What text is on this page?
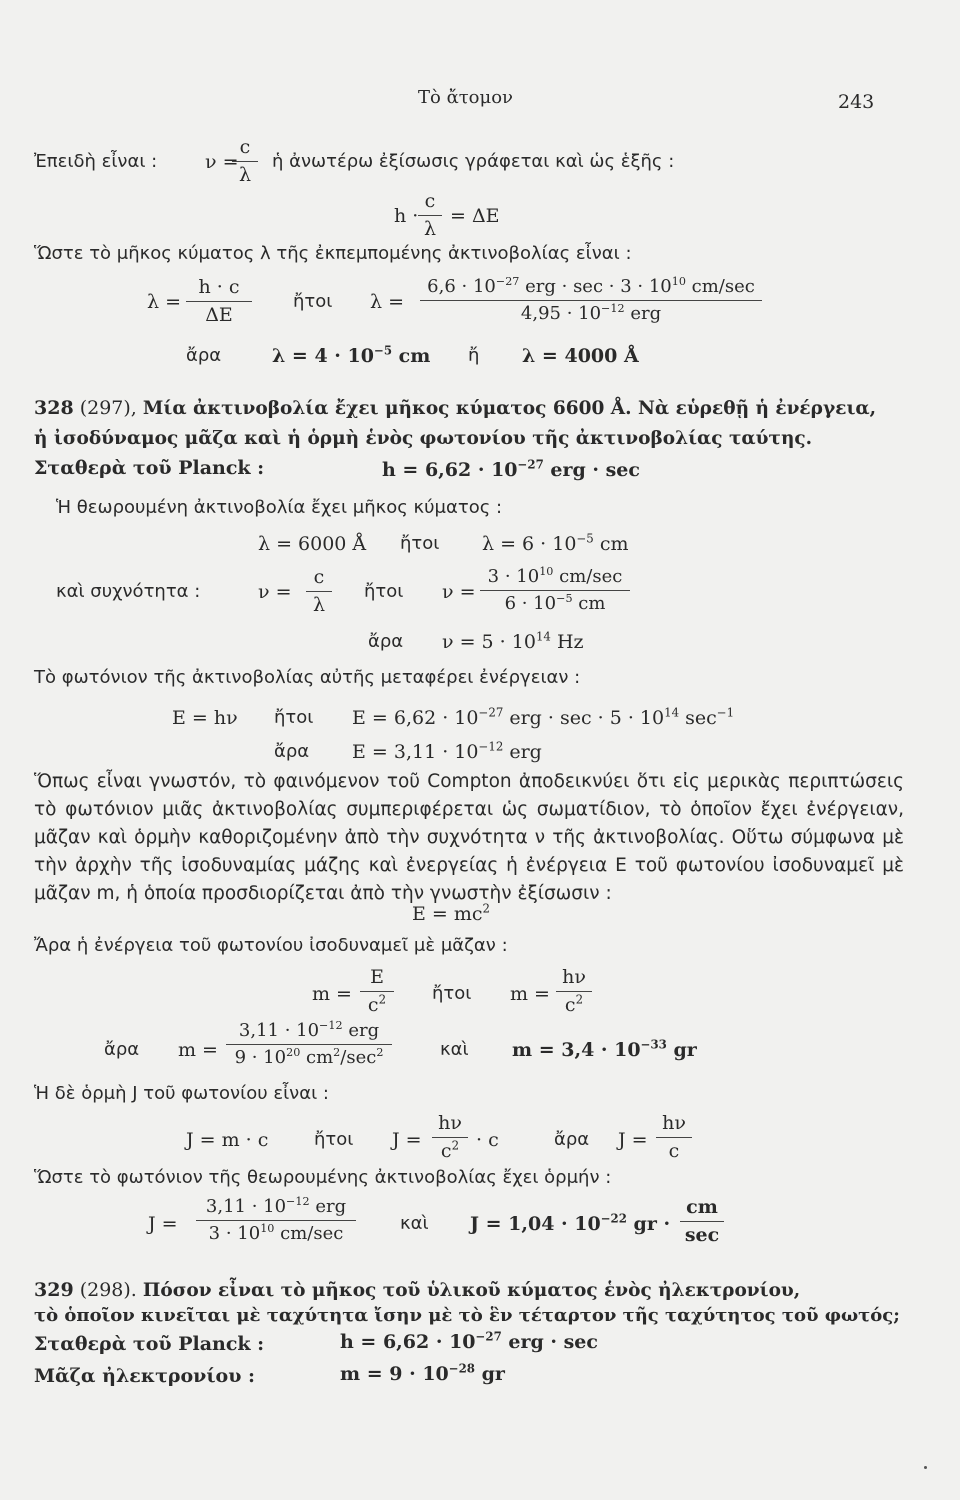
Τὸ ἄτομον	243
Ἐπειδὴ εἶναι :	ν =
$\frac{c}{\lambda}$ ἡ ἀνωτέρω ἐξίσωσις γράφεται καὶ ὡς ἑξῆς :
$h \cdot \frac{c}{\lambda} = \Delta E$
Ὥστε τὸ μῆκος κύματος λ τῆς ἐκπεμπομένης ἀκτινοβολίας εἶναι :
$\lambda = \frac{h \cdot c}{\Delta E}$ ἤτοι λ =
$6,6 \cdot 10^{-27}$ erg · $\sec \cdot 3 \cdot 10^{10}$ cm/sec
$4,95 \cdot 10^{-12}$ erg
ἄρα	$\lambda = 4 \cdot 10^{-5}$ cm ἤ λ = 4000 Å
328 (297), Μία ἀκτινοβολία ἔχει μῆκος κύματος 6600 Å. Νὰ εὑρεθῇ ἡ ἐνέργεια,
ἡ ἰσοδύναμος μᾶζα καὶ ἡ ὁρμὴ ἑνὸς φωτονίου τῆς ἀκτινοβολίας ταύτης.
Σταθερὰ τοῦ Planck :	$h = 6,62 \cdot 10^{-27}$ erg · sec
Ἡ θεωρουμένη ἀκτινοβολία ἔχει μῆκος κύματος :
λ = 6000 Å ἤτοι $\lambda = 6 \cdot 10^{-5}$ cm
καὶ συχνότητα :	$\nu = \frac{c}{\lambda}$ ἤτοι ν =
$3 \cdot 10^{10}$ cm/sec
$6 \cdot 10^{-5}$ cm
ἄρα $\nu = 5 \cdot 10^{14}$ Hz
Τὸ φωτόνιον τῆς ἀκτινοβολίας αὐτῆς μεταφέρει ἐνέργειαν :
Ε = hν ἤτοι $E = 6,62 \cdot 10^{-27}$ erg · $\sec \cdot 5 \cdot 10^{14}$ $\sec^{-1}$
ἄρα $E = 3,11 \cdot 10^{-12}$ erg
Ὅπως εἶναι γνωστόν, τὸ φαινόμενον τοῦ Compton ἀποδεικνύει ὅτι εἰς μερικὰς περιπτώσεις τὸ φωτόνιον μιᾶς ἀκτινοβολίας συμπεριφέρεται ὡς σωματίδιον, τὸ ὁποῖον ἔχει ἐνέργειαν, μᾶζαν καὶ ὁρμὴν καθοριζομένην ἀπὸ τὴν συχνότητα ν τῆς ἀκτινοβολίας. Οὕτω σύμφωνα μὲ τὴν ἀρχὴν τῆς ἰσοδυναμίας μάζης καὶ ἐνεργείας ἡ ἐνέργεια Ε τοῦ φωτονίου ἰσοδυναμεῖ μὲ μᾶζαν m, ἡ ὁποία προσδιορίζεται ἀπὸ τὴν γνωστὴν ἐξίσωσιν :
$E = mc^2$
Ἄρα ἡ ἐνέργεια τοῦ φωτονίου ἰσοδυναμεῖ μὲ μᾶζαν :
$m = \frac{E}{c^2}$ ἤτοι $m = \frac{h\nu}{c^2}$
ἄρα m =
$3,11 \cdot 10^{-12}$ erg
$9 \cdot 10^{20}$ $cm^2/\sec^2$	καὶ $m = 3,4 \cdot 10^{-33}$ gr
Ἡ δὲ ὁρμὴ J τοῦ φωτονίου εἶναι :
J = m · c	ἤτοι $J = \frac{h\nu}{c^2} \cdot c$	ἄρα $J = \frac{h\nu}{c}$
Ὥστε τὸ φωτόνιον τῆς θεωρουμένης ἀκτινοβολίας ἔχει ὁρμήν :
J =
$3,11 \cdot 10^{-12}$ erg
$3 \cdot 10^{10}$ cm/sec	καὶ $J = 1,04 \cdot 10^{-22}$ gr ·
cm
sec
329 (298). Πόσον εἶναι τὸ μῆκος τοῦ ὑλικοῦ κύματος ἑνὸς ἠλεκτρονίου,
τὸ ὁποῖον κινεῖται μὲ ταχύτητα ἴσην μὲ τὸ ἓν τέταρτον τῆς ταχύτητος τοῦ φωτός;
Σταθερὰ τοῦ Planck :	$h = 6,62 \cdot 10^{-27}$ erg · sec
Μᾶζα ἠλεκτρονίου :	$m = 9 \cdot 10^{-28}$ gr
